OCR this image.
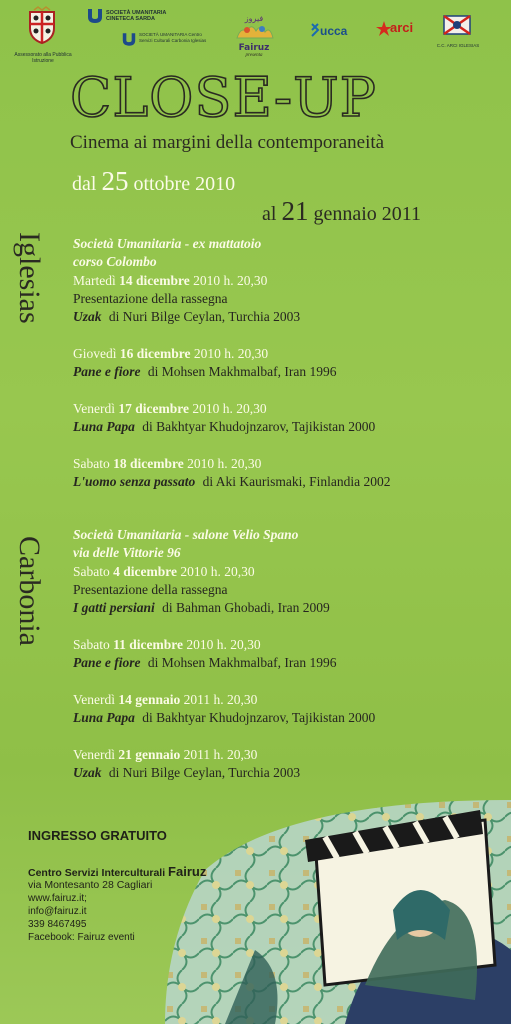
Assessorato alla Pubblica Istruzione
SOCIETÀ UMANITARIA CINETECA SARDA
SOCIETÀ UMANITARIA Centro Servizi Culturali Carbonia Iglesias
فيروز
Fairuz
presenta
ucca	arci
C.C. ARCI IGLESIAS
CLOSE-UP
Cinema ai margini della contemporaneità
dal 25 ottobre 2010
al 21 gennaio 2011
Iglesias
Carbonia
Società Umanitaria - ex mattatoio
corso Colombo
Martedì 14 dicembre 2010 h. 20,30
Presentazione della rassegna
Uzak di Nuri Bilge Ceylan, Turchia 2003
Giovedì 16 dicembre 2010 h. 20,30
Pane e fiore di Mohsen Makhmalbaf, Iran 1996
Venerdì 17 dicembre 2010 h. 20,30
Luna Papa di Bakhtyar Khudojnzarov, Tajikistan 2000
Sabato 18 dicembre 2010 h. 20,30
L'uomo senza passato di Aki Kaurismaki, Finlandia 2002
Società Umanitaria - salone Velio Spano
via delle Vittorie 96
Sabato 4 dicembre 2010 h. 20,30
Presentazione della rassegna
I gatti persiani di Bahman Ghobadi, Iran 2009
Sabato 11 dicembre 2010 h. 20,30
Pane e fiore di Mohsen Makhmalbaf, Iran 1996
Venerdì 14 gennaio 2011 h. 20,30
Luna Papa di Bakhtyar Khudojnzarov, Tajikistan 2000
Venerdì 21 gennaio 2011 h. 20,30
Uzak di Nuri Bilge Ceylan, Turchia 2003
INGRESSO GRATUITO
Centro Servizi Interculturali Fairuz
via Montesanto 28 Cagliari
www.fairuz.it;
info@fairuz.it
339 8467495
Facebook: Fairuz eventi
